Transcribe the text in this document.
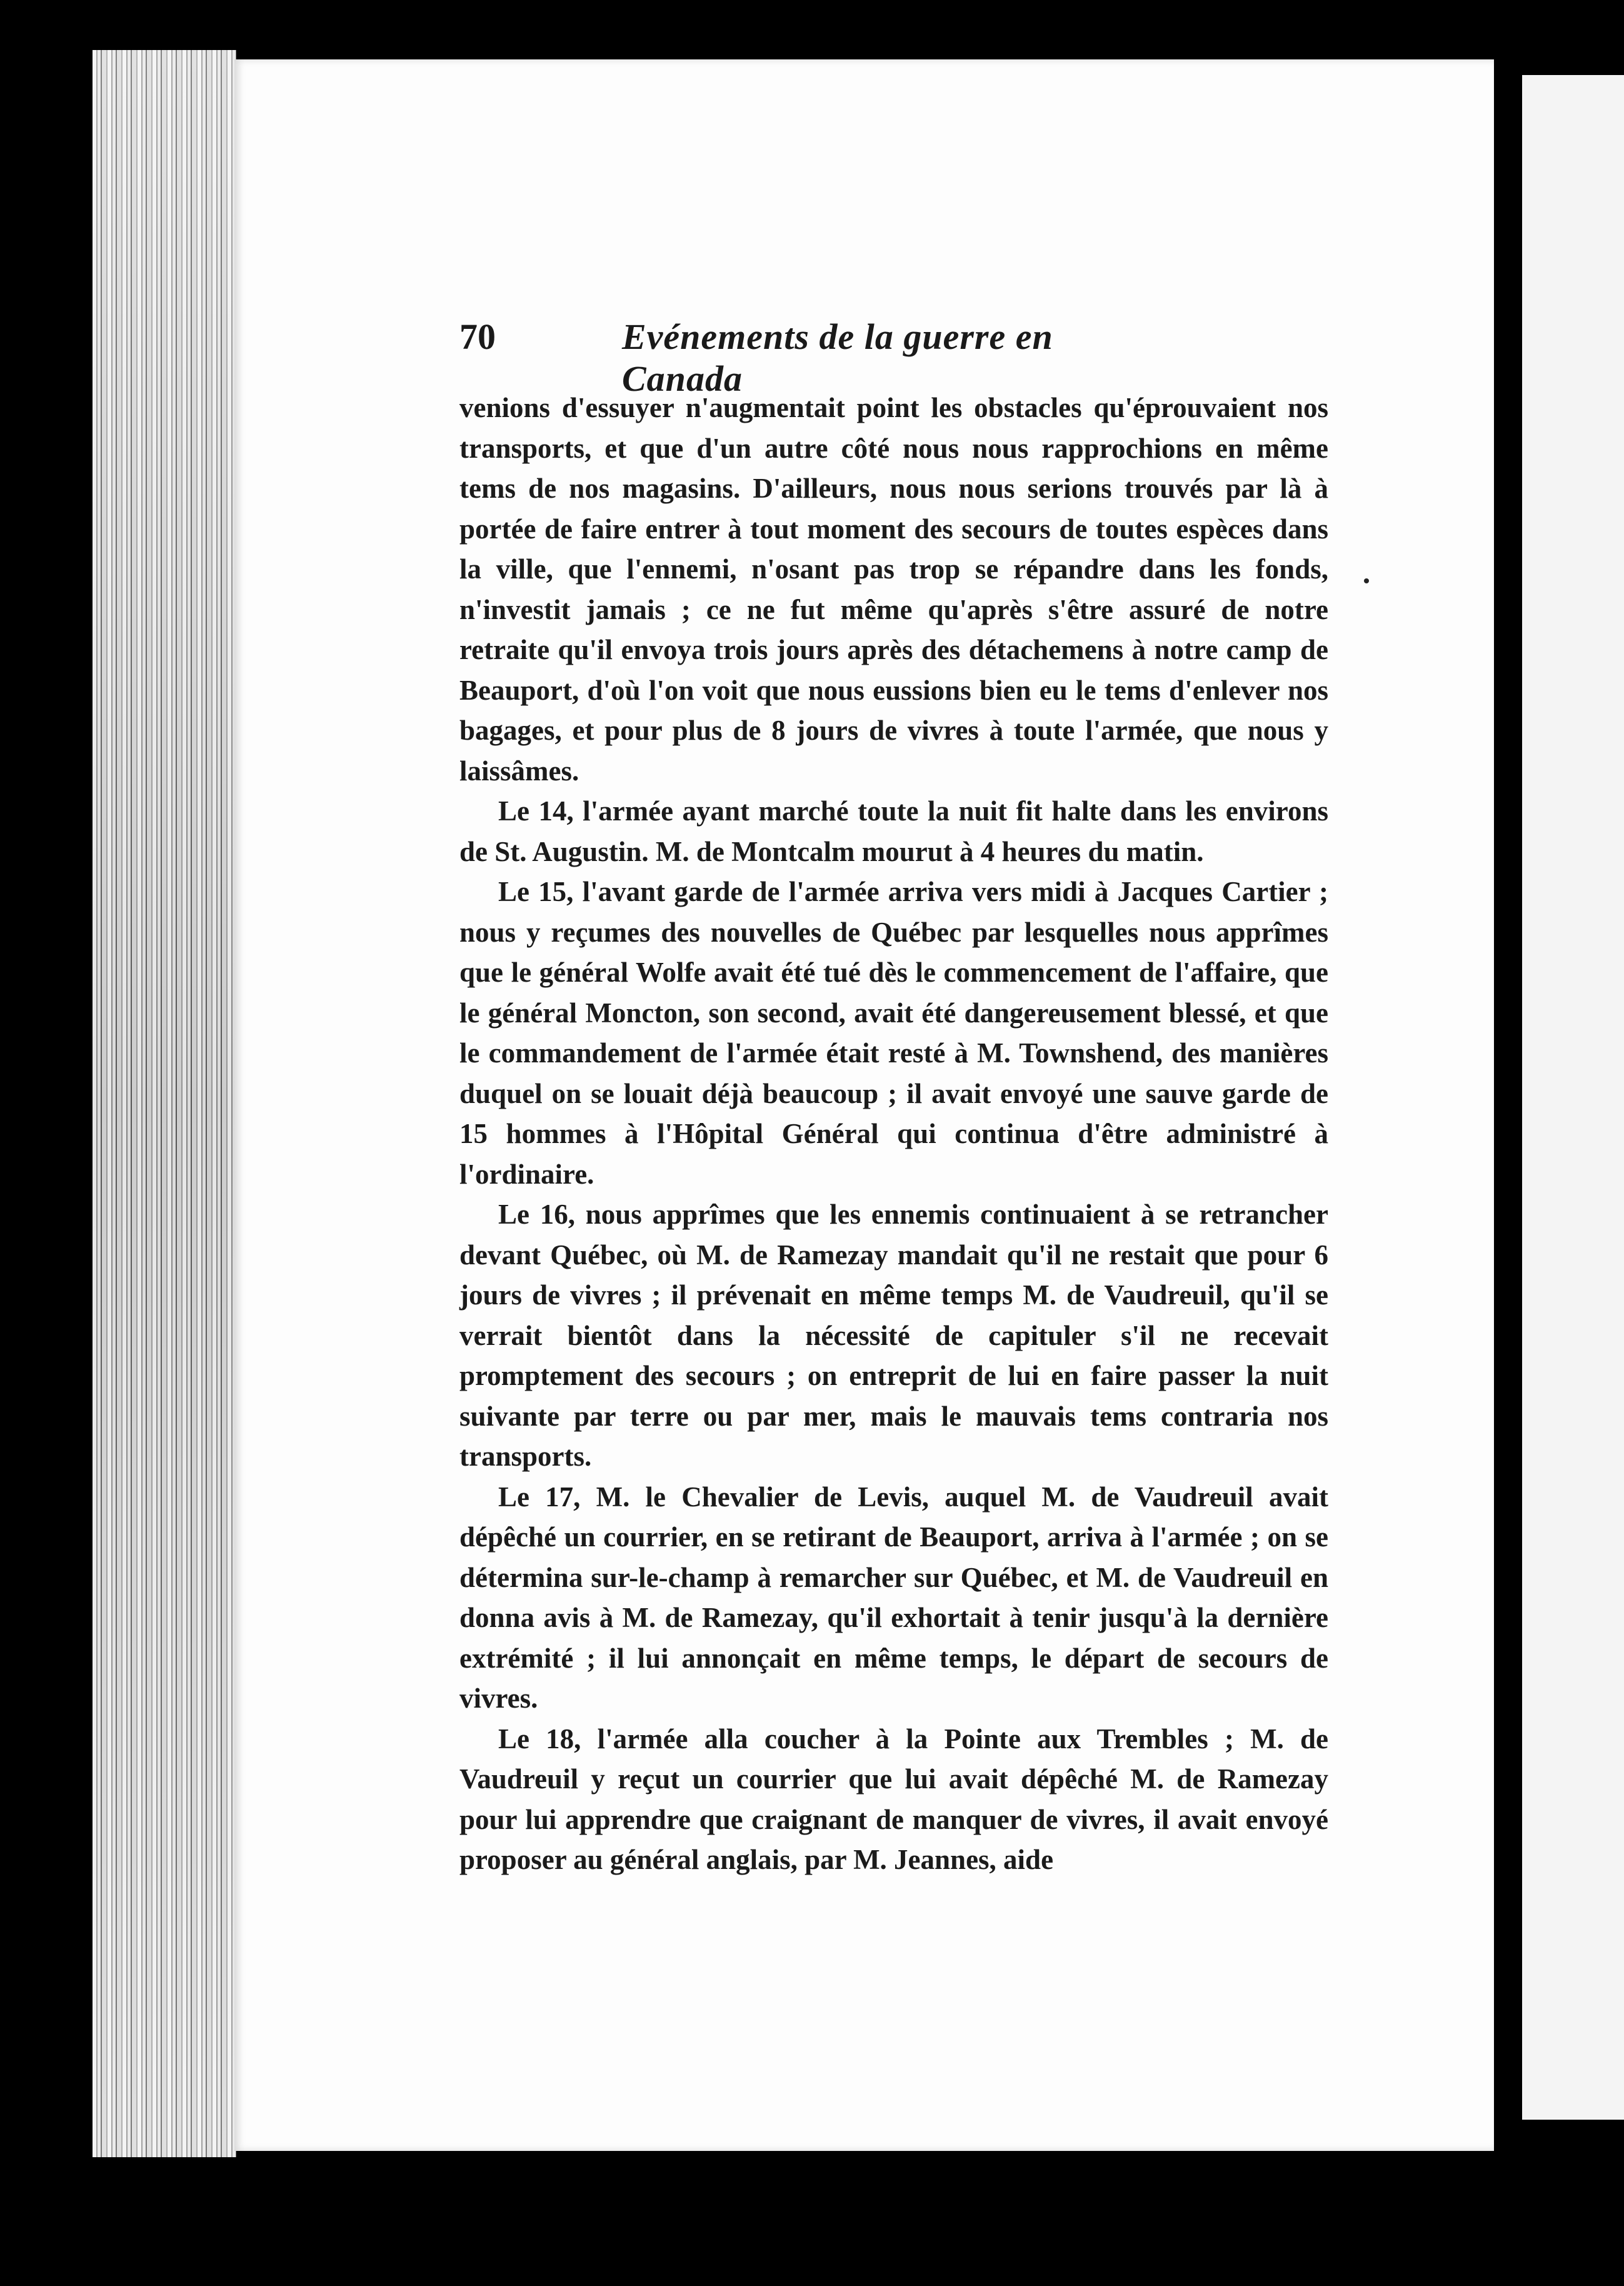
70	Evénements de la guerre en Canada

venions d'essuyer n'augmentait point les obstacles qu'éprouvaient nos transports, et que d'un autre côté nous nous rapprochions en même tems de nos magasins. D'ailleurs, nous nous serions trouvés par là à portée de faire entrer à tout moment des secours de toutes espèces dans la ville, que l'ennemi, n'osant pas trop se répandre dans les fonds, n'investit jamais ; ce ne fut même qu'après s'être assuré de notre retraite qu'il envoya trois jours après des détachemens à notre camp de Beauport, d'où l'on voit que nous eussions bien eu le tems d'enlever nos bagages, et pour plus de 8 jours de vivres à toute l'armée, que nous y laissâmes.

Le 14, l'armée ayant marché toute la nuit fit halte dans les environs de St. Augustin. M. de Montcalm mourut à 4 heures du matin.

Le 15, l'avant garde de l'armée arriva vers midi à Jacques Cartier ; nous y reçumes des nouvelles de Québec par lesquelles nous apprîmes que le général Wolfe avait été tué dès le commencement de l'affaire, que le général Moncton, son second, avait été dangereusement blessé, et que le commandement de l'armée était resté à M. Townshend, des manières duquel on se louait déjà beaucoup ; il avait envoyé une sauve garde de 15 hommes à l'Hôpital Général qui continua d'être administré à l'ordinaire.

Le 16, nous apprîmes que les ennemis continuaient à se retrancher devant Québec, où M. de Ramezay mandait qu'il ne restait que pour 6 jours de vivres ; il prévenait en même temps M. de Vaudreuil, qu'il se verrait bientôt dans la nécessité de capituler s'il ne recevait promptement des secours ; on entreprit de lui en faire passer la nuit suivante par terre ou par mer, mais le mauvais tems contraria nos transports.

Le 17, M. le Chevalier de Levis, auquel M. de Vaudreuil avait dépêché un courrier, en se retirant de Beauport, arriva à l'armée ; on se détermina sur-le-champ à remarcher sur Québec, et M. de Vaudreuil en donna avis à M. de Ramezay, qu'il exhortait à tenir jusqu'à la dernière extrémité ; il lui annonçait en même temps, le départ de secours de vivres.

Le 18, l'armée alla coucher à la Pointe aux Trembles ; M. de Vaudreuil y reçut un courrier que lui avait dépêché M. de Ramezay pour lui apprendre que craignant de manquer de vivres, il avait envoyé proposer au général anglais, par M. Jeannes, aide
